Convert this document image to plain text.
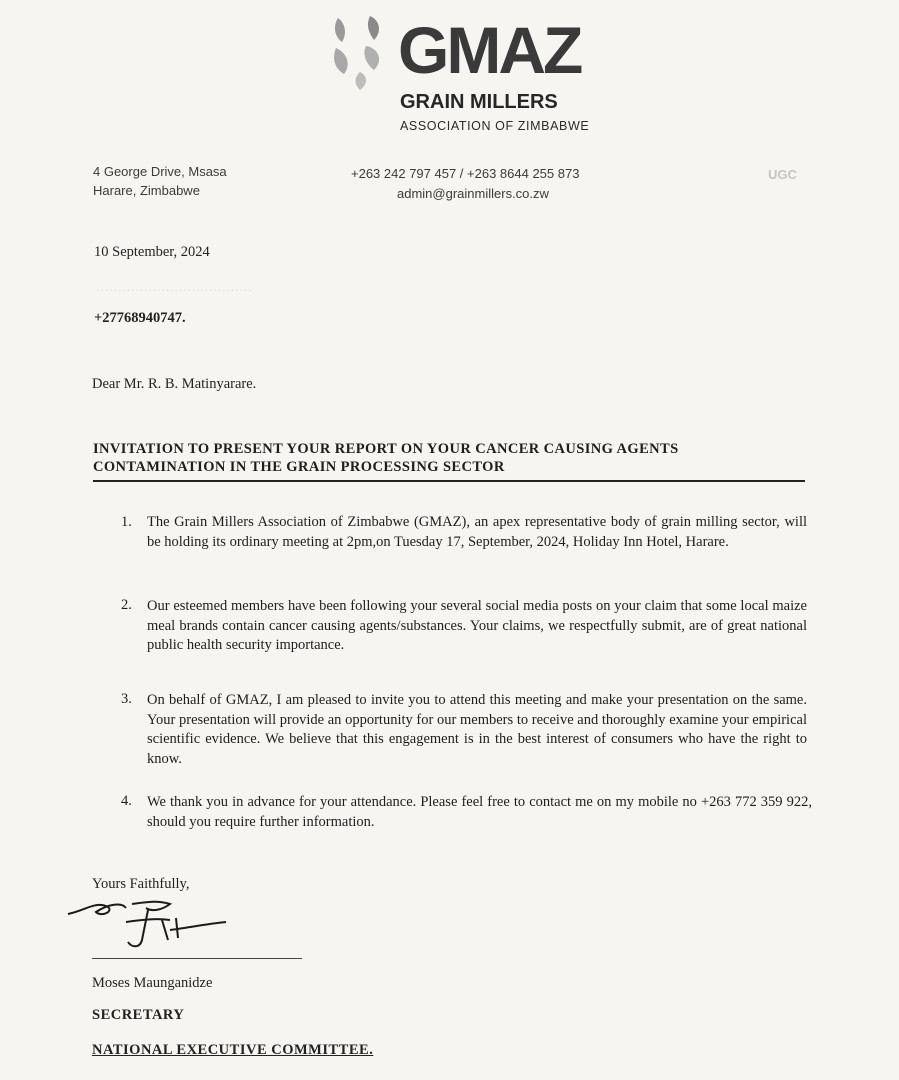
GMAZ
GRAIN MILLERS
ASSOCIATION OF ZIMBABWE
4 George Drive, Msasa
Harare, Zimbabwe
+263 242 797 457 / +263 8644 255 873
admin@grainmillers.co.zw
UGC
10 September, 2024
………………………………
+27768940747.
Dear Mr. R. B. Matinyarare.
INVITATION TO PRESENT YOUR REPORT ON YOUR CANCER CAUSING AGENTS CONTAMINATION IN THE GRAIN PROCESSING SECTOR
1. The Grain Millers Association of Zimbabwe (GMAZ), an apex representative body of grain milling sector, will be holding its ordinary meeting at 2pm,on Tuesday 17, September, 2024, Holiday Inn Hotel, Harare.
2. Our esteemed members have been following your several social media posts on your claim that some local maize meal brands contain cancer causing agents/substances. Your claims, we respectfully submit, are of great national public health security importance.
3. On behalf of GMAZ, I am pleased to invite you to attend this meeting and make your presentation on the same. Your presentation will provide an opportunity for our members to receive and thoroughly examine your empirical scientific evidence. We believe that this engagement is in the best interest of consumers who have the right to know.
4. We thank you in advance for your attendance. Please feel free to contact me on my mobile no +263 772 359 922, should you require further information.
Yours Faithfully,
Moses Maunganidze
SECRETARY
NATIONAL EXECUTIVE COMMITTEE.
